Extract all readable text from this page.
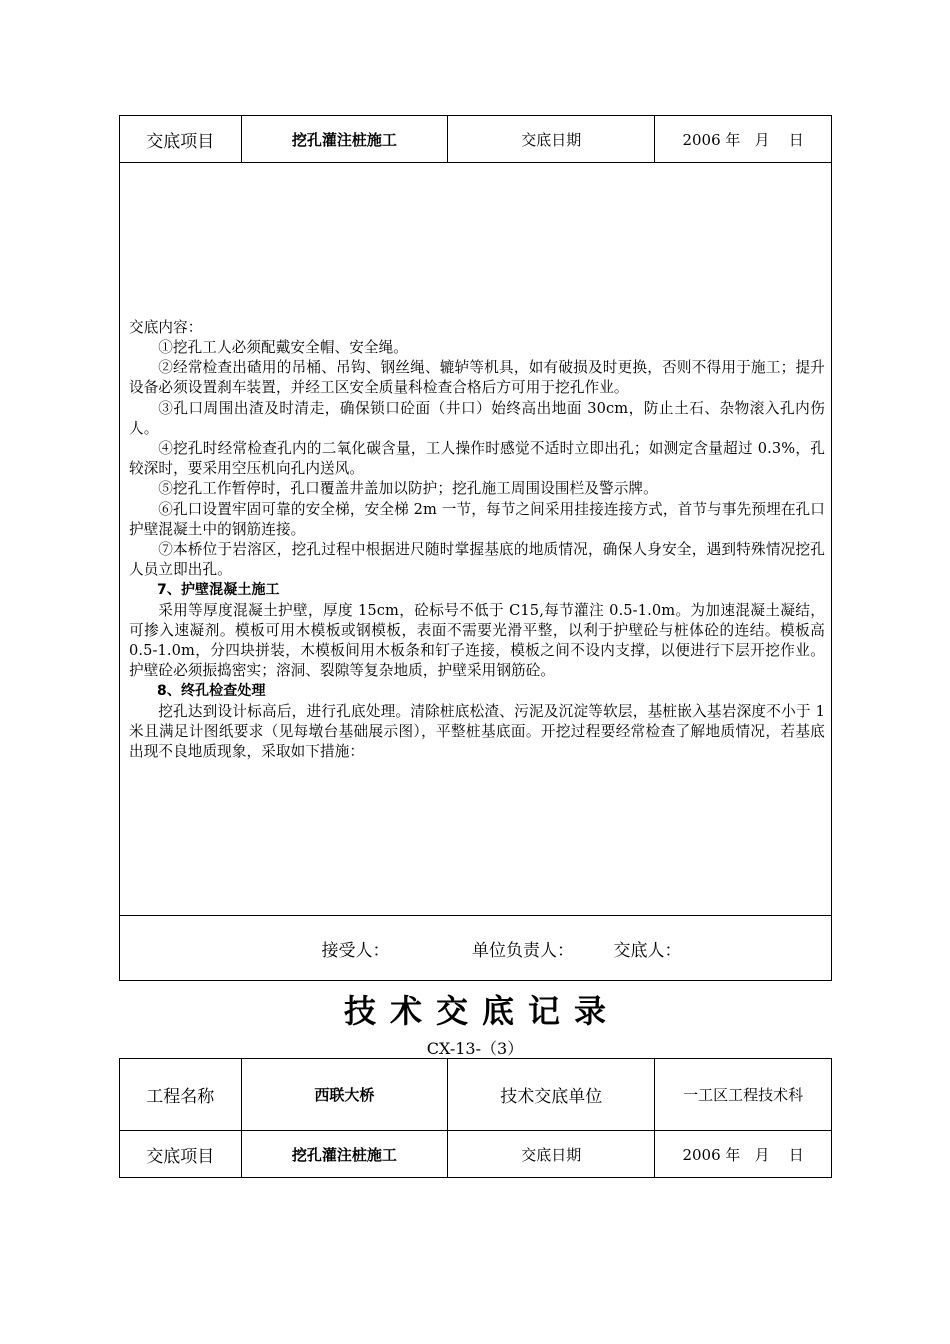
交底项目	挖孔灌注桩施工	交底日期	2006 年   月    日

交底内容：

①挖孔工人必须配戴安全帽、安全绳。

②经常检查出碴用的吊桶、吊钩、钢丝绳、辘轳等机具，如有破损及时更换，否则不得用于施工；提升设备必须设置刹车装置，并经工区安全质量科检查合格后方可用于挖孔作业。

③孔口周围出渣及时清走，确保锁口砼面（井口）始终高出地面 30cm，防止土石、杂物滚入孔内伤人。

④挖孔时经常检查孔内的二氧化碳含量，工人操作时感觉不适时立即出孔；如测定含量超过 0.3%，孔较深时，要采用空压机向孔内送风。

⑤挖孔工作暂停时，孔口覆盖井盖加以防护；挖孔施工周围设围栏及警示牌。

⑥孔口设置牢固可靠的安全梯，安全梯 2m 一节，每节之间采用挂接连接方式，首节与事先预埋在孔口护壁混凝土中的钢筋连接。

⑦本桥位于岩溶区，挖孔过程中根据进尺随时掌握基底的地质情况，确保人身安全，遇到特殊情况挖孔人员立即出孔。

7、护壁混凝土施工

采用等厚度混凝土护壁，厚度 15cm，砼标号不低于 C15,每节灌注 0.5-1.0m。为加速混凝土凝结，可掺入速凝剂。模板可用木模板或钢模板，表面不需要光滑平整，以利于护壁砼与桩体砼的连结。模板高 0.5-1.0m，分四块拼装，木模板间用木板条和钉子连接，模板之间不设内支撑，以便进行下层开挖作业。护壁砼必须振捣密实；溶洞、裂隙等复杂地质，护壁采用钢筋砼。

8、终孔检查处理

挖孔达到设计标高后，进行孔底处理。清除桩底松渣、污泥及沉淀等软层，基桩嵌入基岩深度不小于 1 米且满足计图纸要求（见每墩台基础展示图），平整桩基底面。开挖过程要经常检查了解地质情况，若基底出现不良地质现象，采取如下措施：

接受人：	单位负责人： 交底人：
技术交底记录
CX-13-（3）
工程名称	西联大桥	技术交底单位	一工区工程技术科
交底项目	挖孔灌注桩施工	交底日期	2006 年   月    日
